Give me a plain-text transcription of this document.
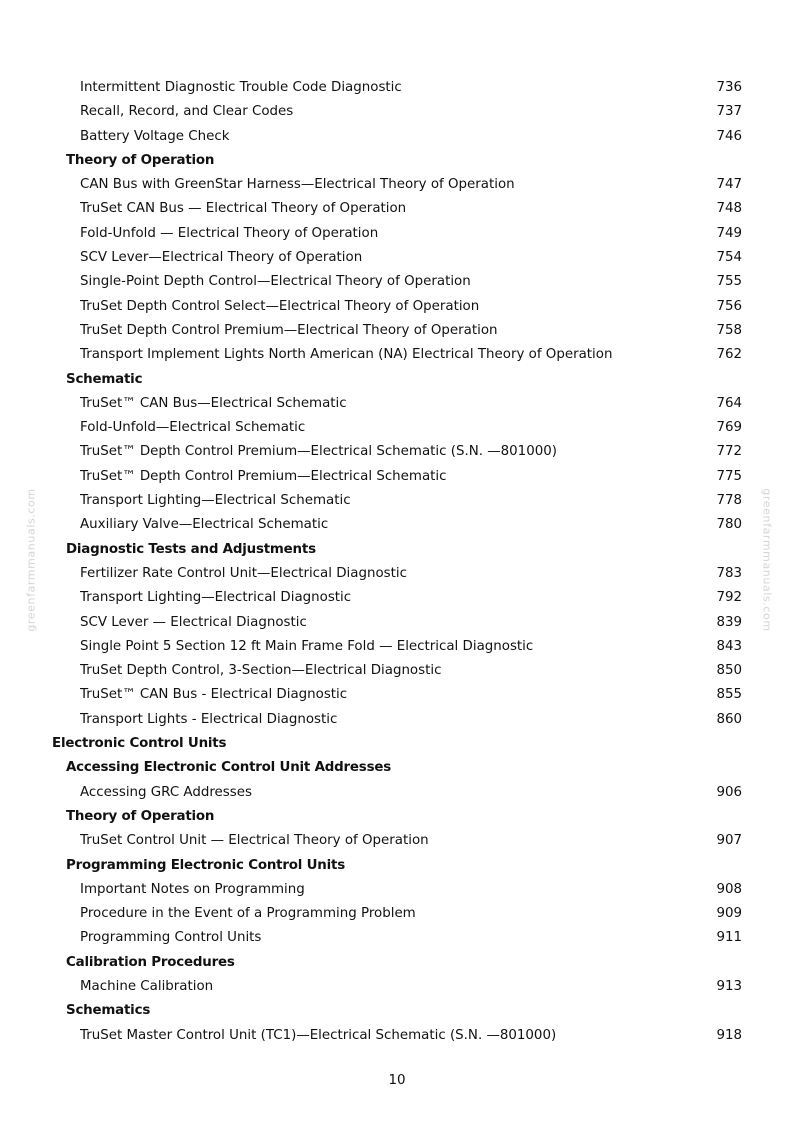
greenfarmmanuals.com	greenfarmmanuals.com
Intermittent Diagnostic Trouble Code Diagnostic	736
Recall, Record, and Clear Codes	737
Battery Voltage Check	746
Theory of Operation
CAN Bus with GreenStar Harness—Electrical Theory of Operation	747
TruSet CAN Bus — Electrical Theory of Operation	748
Fold-Unfold — Electrical Theory of Operation	749
SCV Lever—Electrical Theory of Operation	754
Single-Point Depth Control—Electrical Theory of Operation	755
TruSet Depth Control Select—Electrical Theory of Operation	756
TruSet Depth Control Premium—Electrical Theory of Operation	758
Transport Implement Lights North American (NA) Electrical Theory of Operation	762
Schematic
TruSet™ CAN Bus—Electrical Schematic	764
Fold-Unfold—Electrical Schematic	769
TruSet™ Depth Control Premium—Electrical Schematic (S.N. —801000)	772
TruSet™ Depth Control Premium—Electrical Schematic	775
Transport Lighting—Electrical Schematic	778
Auxiliary Valve—Electrical Schematic	780
Diagnostic Tests and Adjustments
Fertilizer Rate Control Unit—Electrical Diagnostic	783
Transport Lighting—Electrical Diagnostic	792
SCV Lever — Electrical Diagnostic	839
Single Point 5 Section 12 ft Main Frame Fold — Electrical Diagnostic	843
TruSet Depth Control, 3-Section—Electrical Diagnostic	850
TruSet™ CAN Bus - Electrical Diagnostic	855
Transport Lights - Electrical Diagnostic	860
Electronic Control Units
Accessing Electronic Control Unit Addresses
Accessing GRC Addresses	906
Theory of Operation
TruSet Control Unit — Electrical Theory of Operation	907
Programming Electronic Control Units
Important Notes on Programming	908
Procedure in the Event of a Programming Problem	909
Programming Control Units	911
Calibration Procedures
Machine Calibration	913
Schematics
TruSet Master Control Unit (TC1)—Electrical Schematic (S.N. —801000)	918
10
